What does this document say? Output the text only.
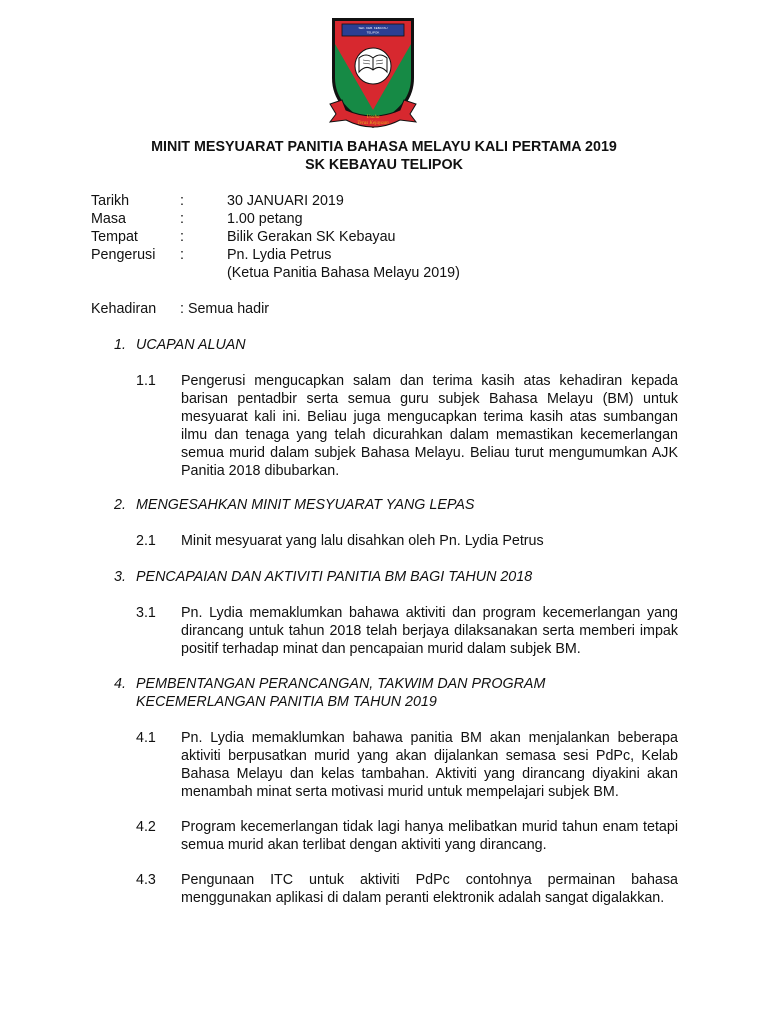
SEK. KEB. KEBAYAU
TELIPOK
Usaha
Teras Kejayaan
MINIT MESYUARAT PANITIA BAHASA MELAYU KALI PERTAMA 2019
SK KEBAYAU TELIPOK
Tarikh	:	30 JANUARI 2019
Masa	:	1.00 petang
Tempat	:	Bilik Gerakan SK Kebayau
Pengerusi :	Pn. Lydia Petrus
(Ketua Panitia Bahasa Melayu 2019)
Kehadiran : Semua hadir
1. UCAPAN ALUAN
1.1 Pengerusi mengucapkan salam dan terima kasih atas kehadiran kepada barisan pentadbir serta semua guru subjek Bahasa Melayu (BM) untuk mesyuarat kali ini. Beliau juga mengucapkan terima kasih atas sumbangan ilmu dan tenaga yang telah dicurahkan dalam memastikan kecemerlangan semua murid dalam subjek Bahasa Melayu. Beliau turut mengumumkan AJK Panitia 2018 dibubarkan.
2. MENGESAHKAN MINIT MESYUARAT YANG LEPAS
2.1 Minit mesyuarat yang lalu disahkan oleh Pn. Lydia Petrus
3. PENCAPAIAN DAN AKTIVITI PANITIA BM BAGI TAHUN 2018
3.1 Pn. Lydia memaklumkan bahawa aktiviti dan program kecemerlangan yang dirancang untuk tahun 2018 telah berjaya dilaksanakan serta memberi impak positif terhadap minat dan pencapaian murid dalam subjek BM.
4. PEMBENTANGAN PERANCANGAN, TAKWIM DAN PROGRAM
KECEMERLANGAN PANITIA BM TAHUN 2019
4.1 Pn. Lydia memaklumkan bahawa panitia BM akan menjalankan beberapa aktiviti berpusatkan murid yang akan dijalankan semasa sesi PdPc, Kelab Bahasa Melayu dan kelas tambahan. Aktiviti yang dirancang diyakini akan menambah minat serta motivasi murid untuk mempelajari subjek BM.
4.2 Program kecemerlangan tidak lagi hanya melibatkan murid tahun enam tetapi semua murid akan terlibat dengan aktiviti yang dirancang.
4.3 Pengunaan ITC untuk aktiviti PdPc contohnya permainan bahasa menggunakan aplikasi di dalam peranti elektronik adalah sangat digalakkan.
